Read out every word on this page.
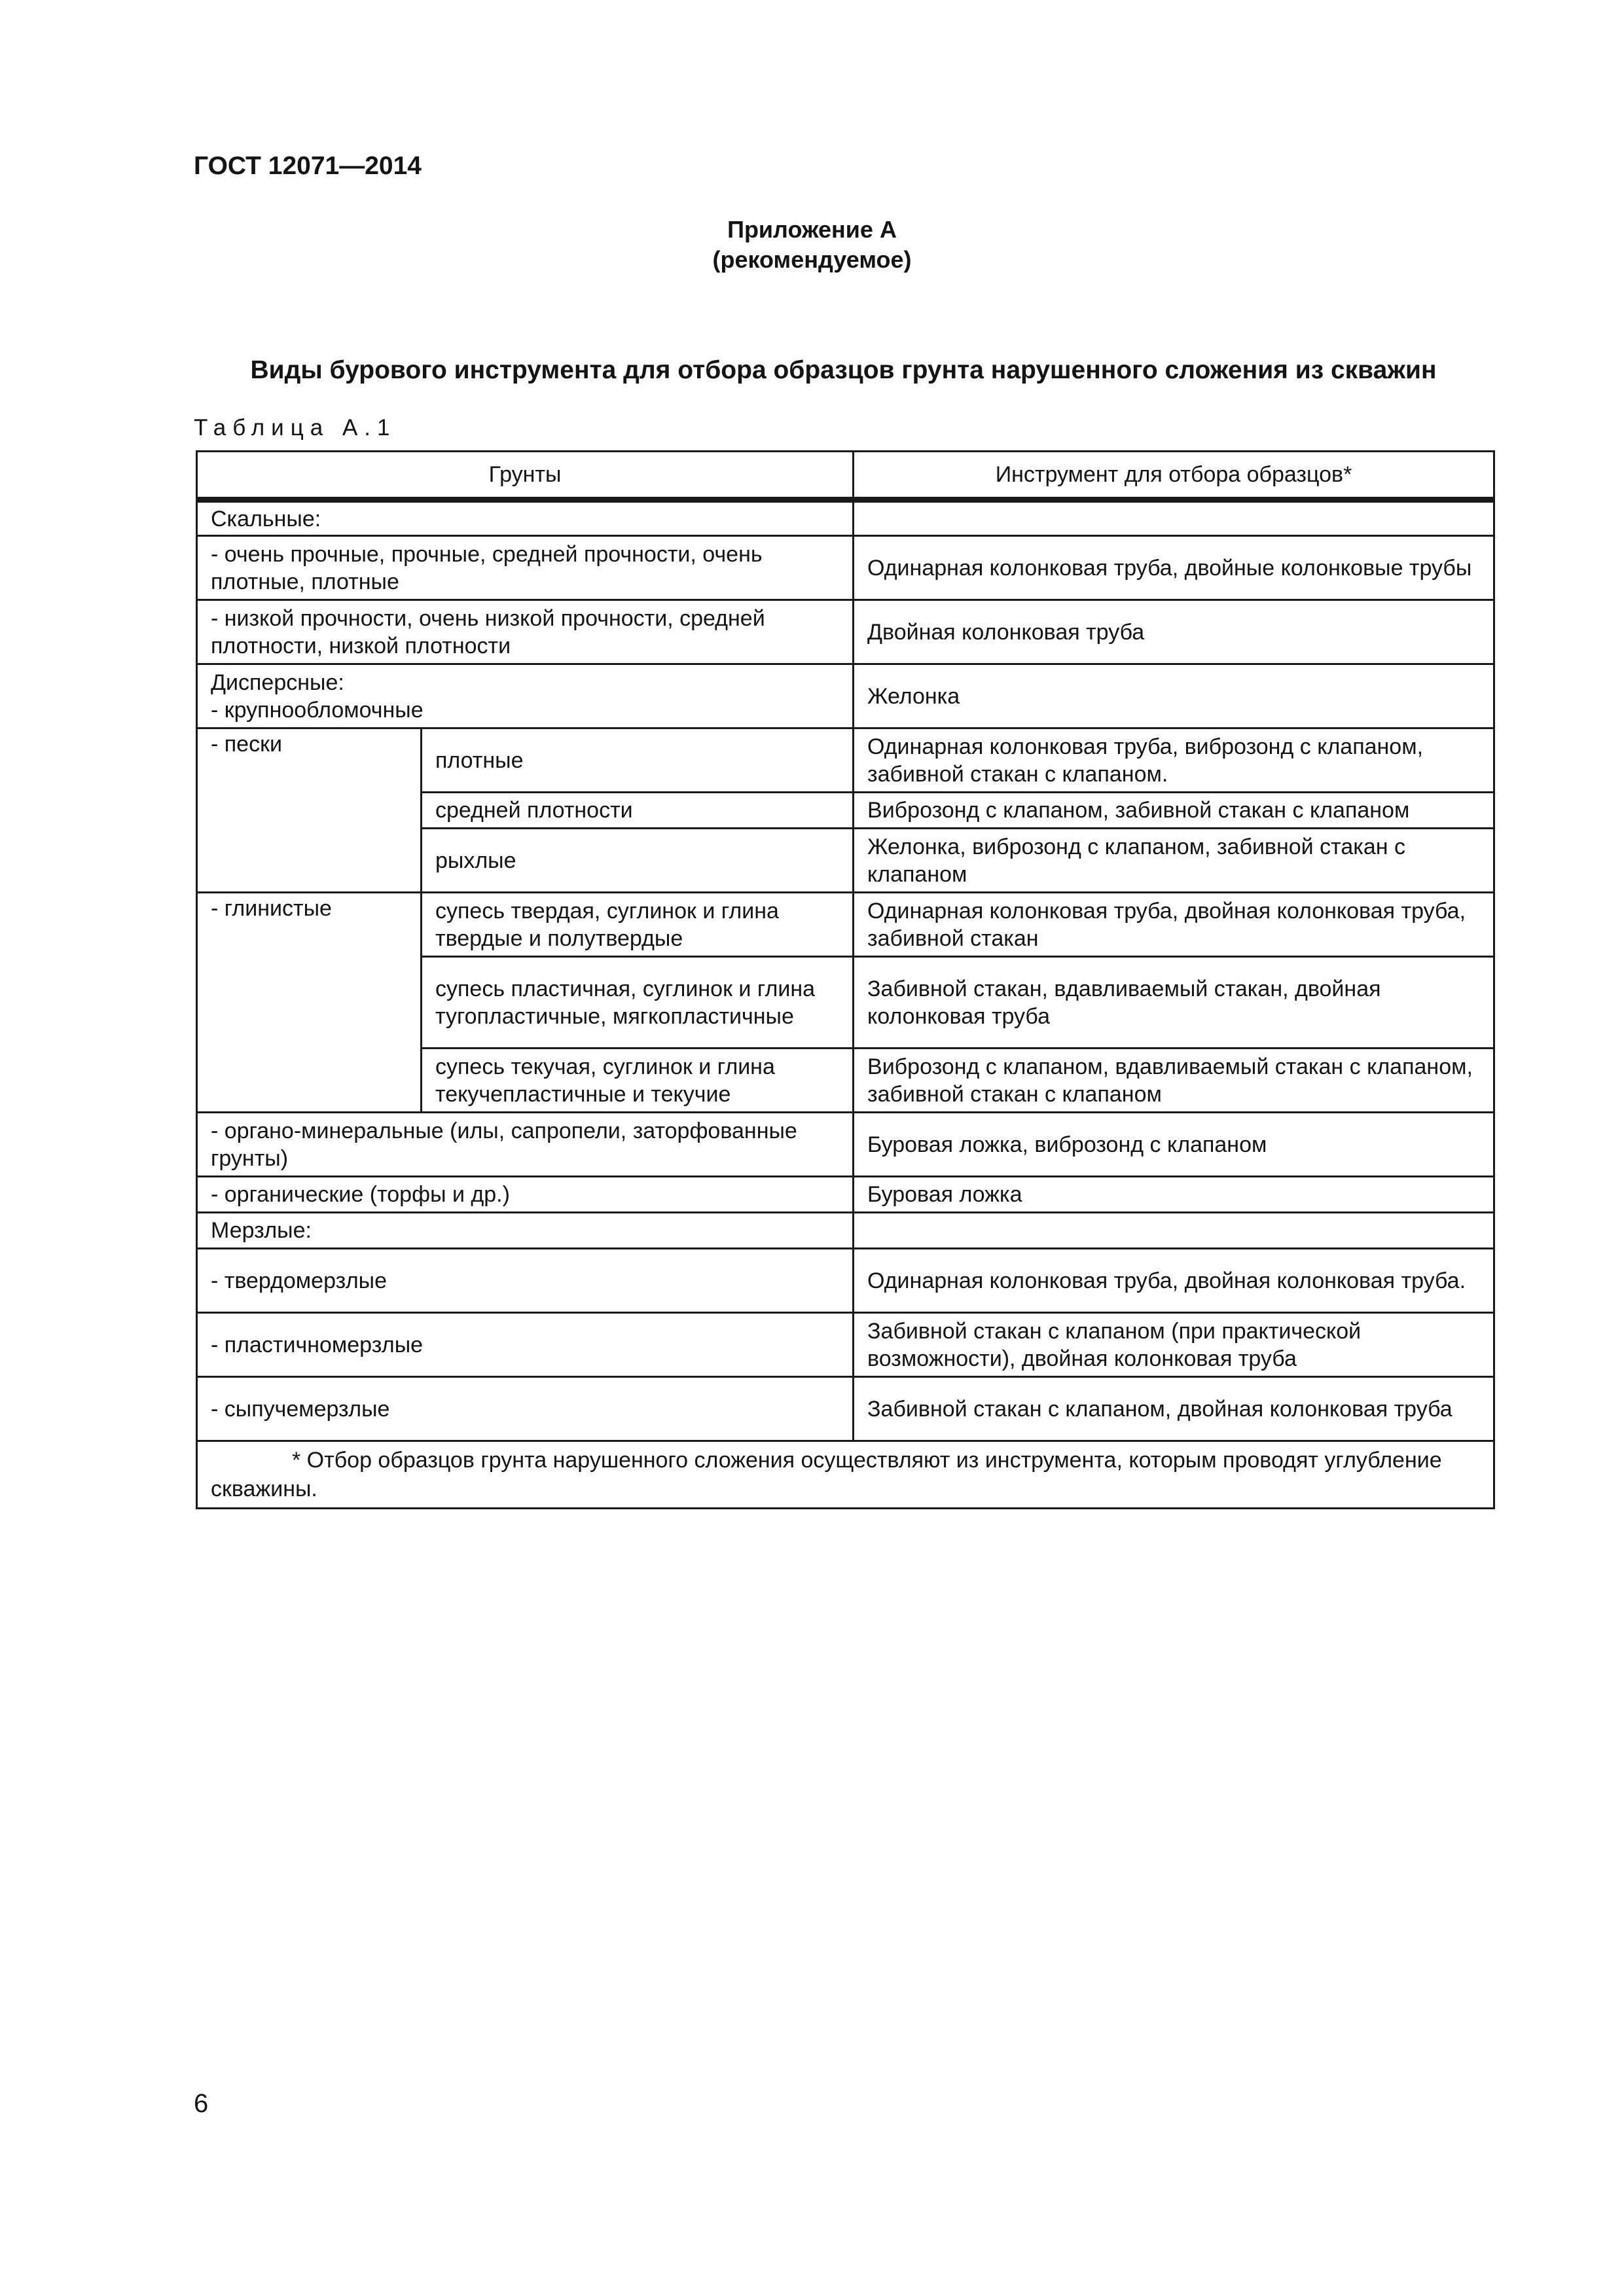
ГОСТ 12071—2014
Приложение А
(рекомендуемое)
Виды бурового инструмента для отбора образцов грунта нарушенного сложения из скважин
Таблица А.1
Грунты		Инструмент для отбора образцов*
Скальные:		
- очень прочные, прочные, средней прочности, очень плотные, плотные		Одинарная колонковая труба, двойные колонковые трубы
- низкой прочности, очень низкой прочности, средней плотности, низкой плотности		Двойная колонковая труба

Дисперсные:
- крупнообломочные		Желонка
- пески	плотные	Одинарная колонковая труба, виброзонд с клапаном, забивной стакан с клапаном.
	средней плотности	Виброзонд с клапаном, забивной стакан с клапаном
	рыхлые	Желонка, виброзонд с клапаном, забивной стакан с клапаном
- глинистые	супесь твердая, суглинок и глина твердые и полутвердые	Одинарная колонковая труба, двойная колонковая труба, забивной стакан
	супесь пластичная, суглинок и глина тугопластичные, мягкопластичные	Забивной стакан, вдавливаемый стакан, двойная колонковая труба
	супесь текучая, суглинок и глина текучепластичные и текучие	Виброзонд с клапаном, вдавливаемый стакан с клапаном, забивной стакан с клапаном
- органо-минеральные (илы, сапропели, заторфованные грунты)		Буровая ложка, виброзонд с клапаном
- органические (торфы и др.)		Буровая ложка
Мерзлые:		
- твердомерзлые		Одинарная колонковая труба, двойная колонковая труба.
- пластичномерзлые		Забивной стакан с клапаном (при практической возможности), двойная колонковая труба
- сыпучемерзлые		Забивной стакан с клапаном, двойная колонковая труба
* Отбор образцов грунта нарушенного сложения осуществляют из инструмента, которым проводят углубление скважины.		
6
